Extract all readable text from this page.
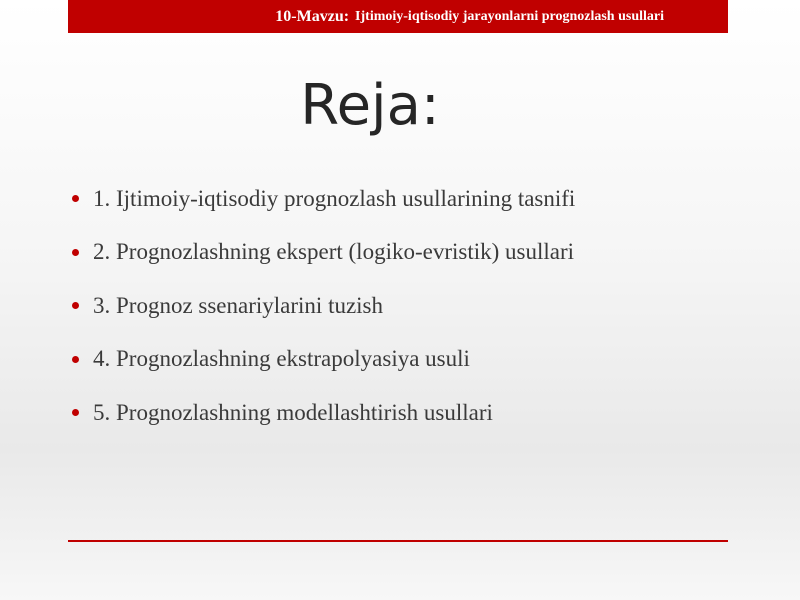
10-Mavzu: Ijtimoiy-iqtisodiy jarayonlarni prognozlash usullari
Reja:
1. Ijtimoiy-iqtisodiy prognozlash usullarining tasnifi
2. Prognozlashning ekspert (logiko-evristik) usullari
3. Prognoz ssenariylarini tuzish
4. Prognozlashning ekstrapolyasiya usuli
5. Prognozlashning modellashtirish usullari
